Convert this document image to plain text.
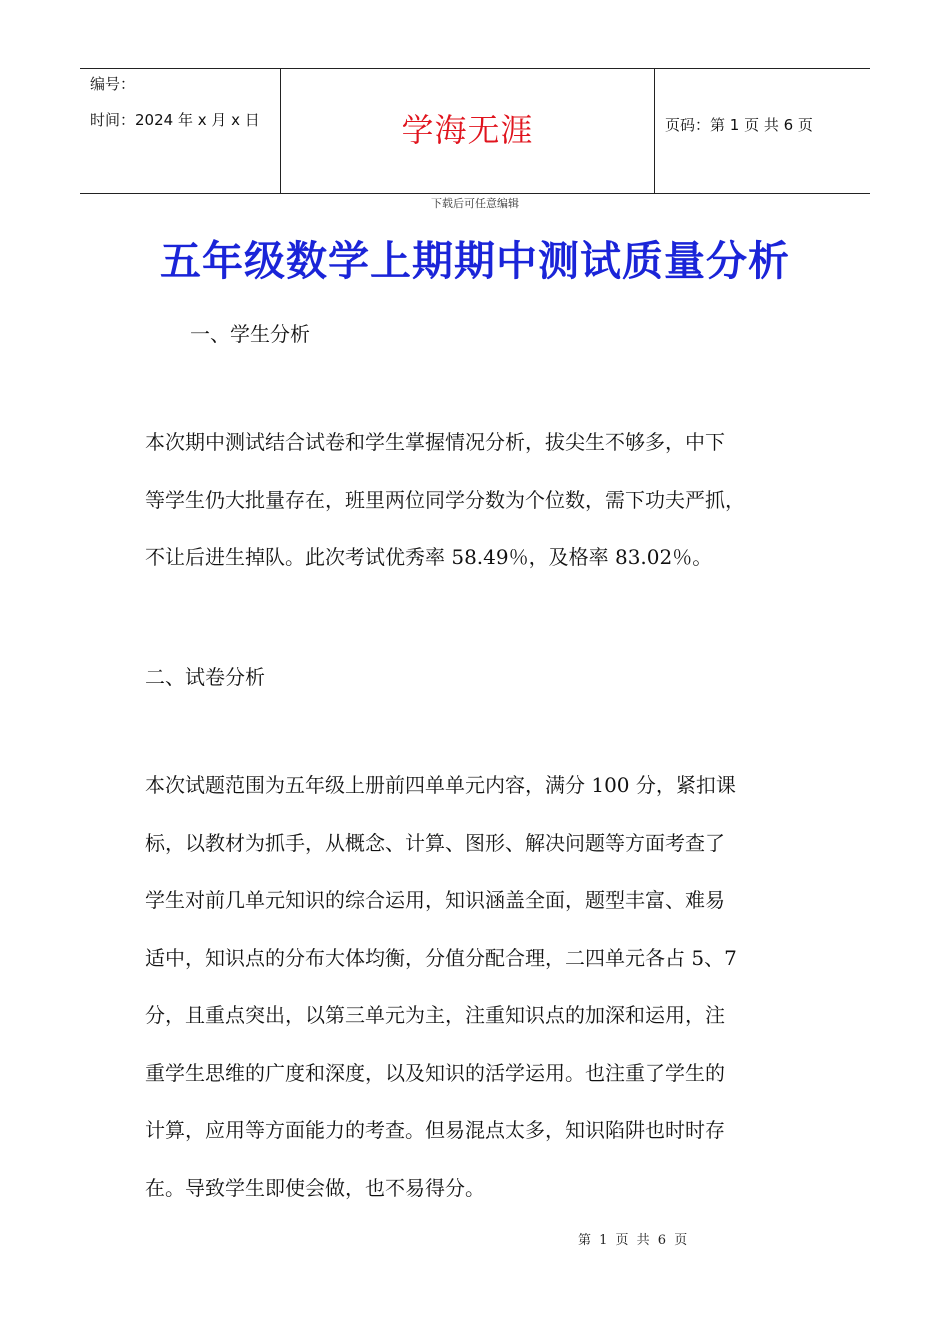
编号：
时间：2024 年 x 月 x 日	学海无涯	页码：第 1 页 共 6 页
下载后可任意编辑
五年级数学上期期中测试质量分析
一、学生分析
本次期中测试结合试卷和学生掌握情况分析，拔尖生不够多，中下
等学生仍大批量存在，班里两位同学分数为个位数，需下功夫严抓，
不让后进生掉队。此次考试优秀率 58.49％，及格率 83.02％。
二、试卷分析
本次试题范围为五年级上册前四单单元内容，满分 100 分，紧扣课
标，以教材为抓手，从概念、计算、图形、解决问题等方面考查了
学生对前几单元知识的综合运用，知识涵盖全面，题型丰富、难易
适中，知识点的分布大体均衡，分值分配合理，二四单元各占 5、7
分，且重点突出，以第三单元为主，注重知识点的加深和运用，注
重学生思维的广度和深度，以及知识的活学运用。也注重了学生的
计算，应用等方面能力的考查。但易混点太多，知识陷阱也时时存
在。导致学生即使会做，也不易得分。
第 1 页 共 6 页
